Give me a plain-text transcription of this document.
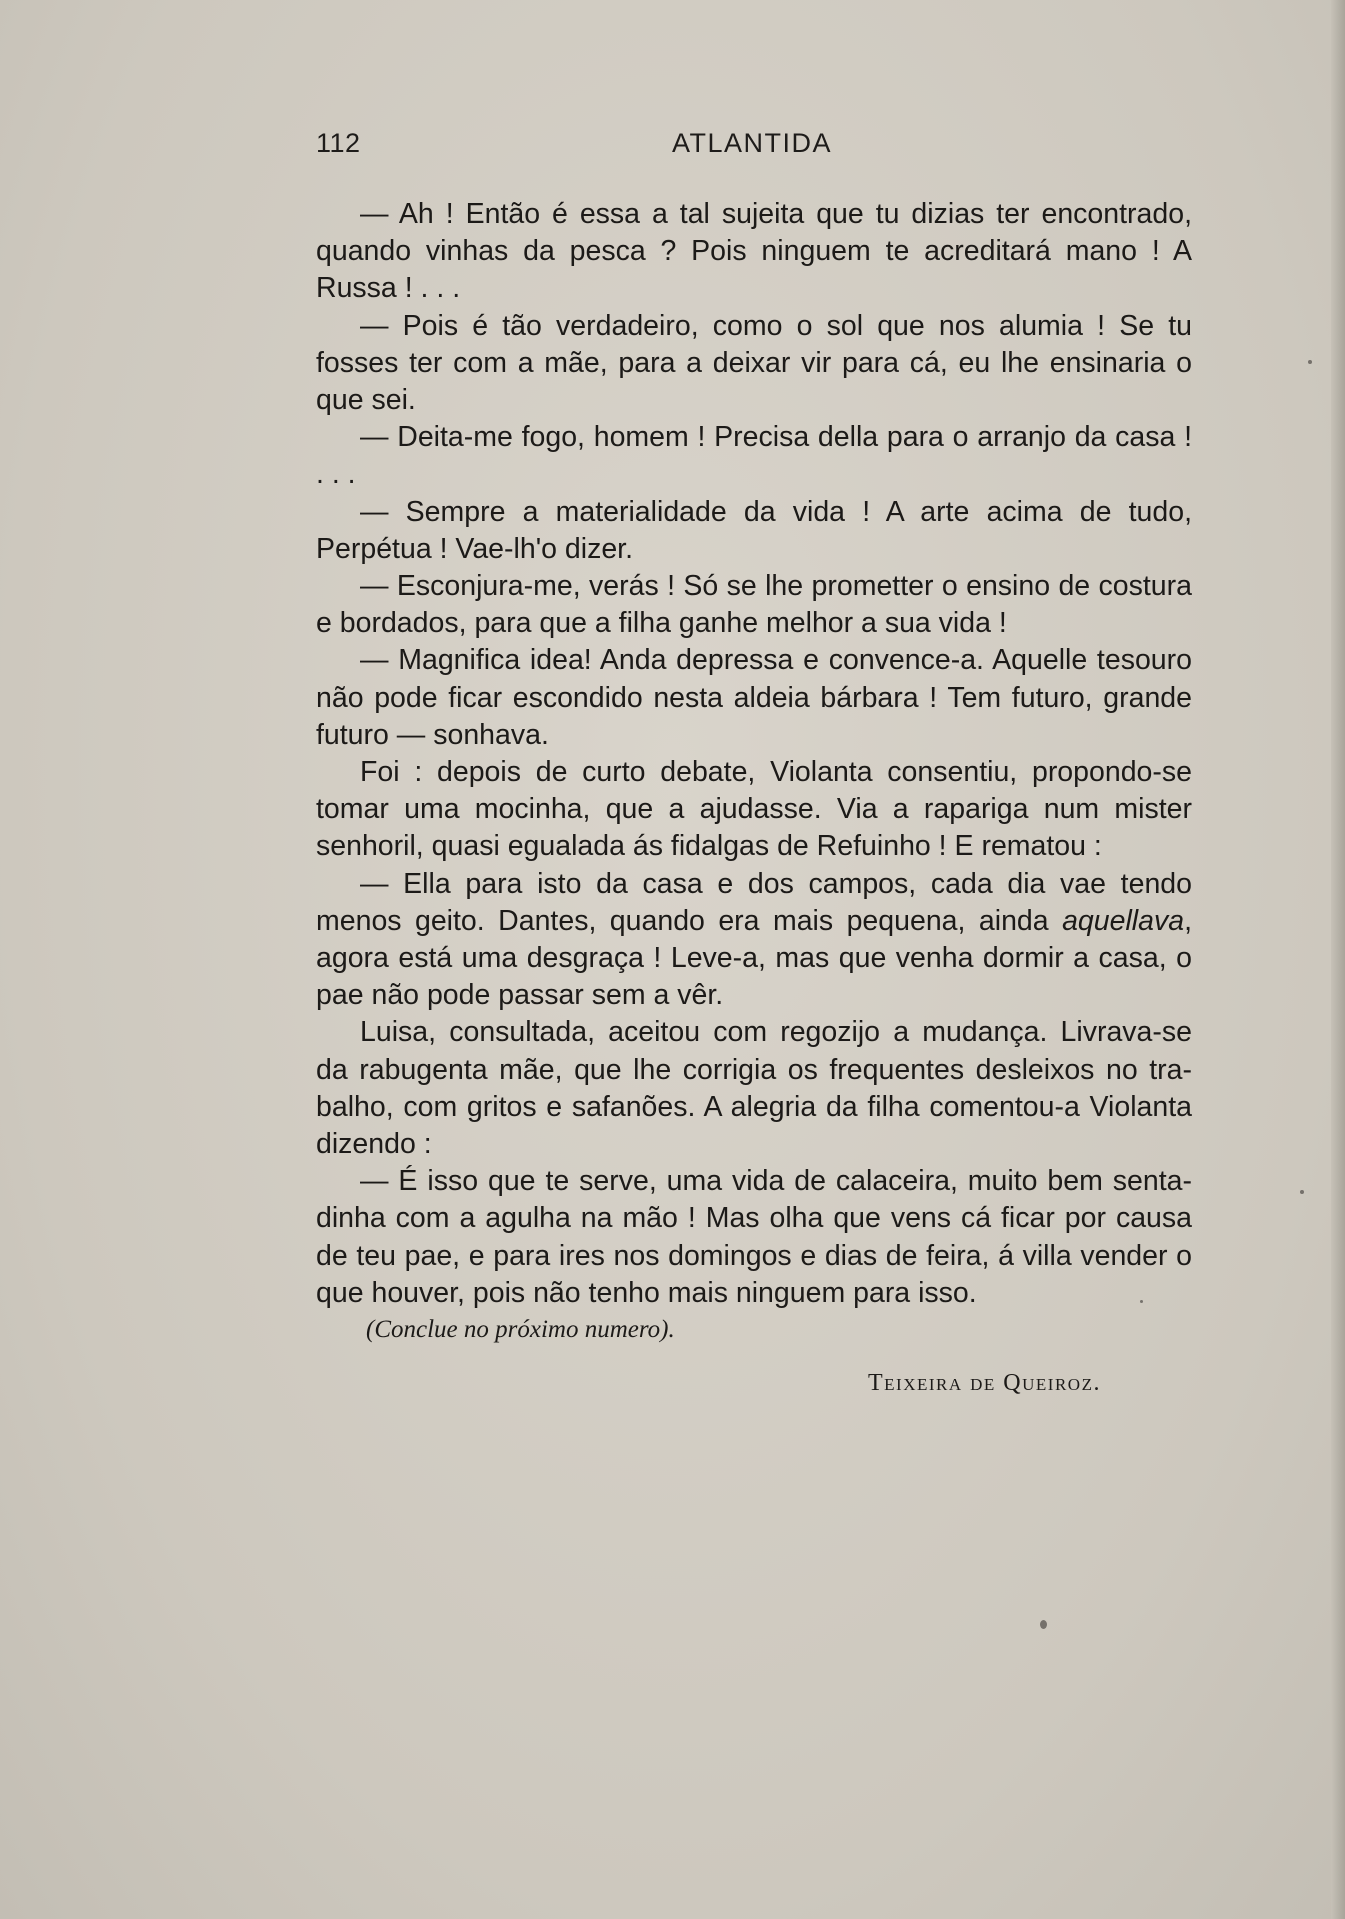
112	ATLANTIDA

— Ah ! Então é essa a tal sujeita que tu dizias ter encontrado, quando vinhas da pesca ? Pois ninguem te acreditará mano ! A Russa ! . . .

— Pois é tão verdadeiro, como o sol que nos alumia ! Se tu fosses ter com a mãe, para a deixar vir para cá, eu lhe ensinaria o que sei.

— Deita-me fogo, homem ! Precisa della para o arranjo da casa ! . . .

— Sempre a materialidade da vida ! A arte acima de tudo, Perpétua ! Vae-lh'o dizer.

— Esconjura-me, verás ! Só se lhe prometter o ensino de costura e bordados, para que a filha ganhe melhor a sua vida !

— Magnifica idea! Anda depressa e convence-a. Aquelle tesouro não pode ficar escondido nesta aldeia bárbara ! Tem futuro, grande futuro — sonhava.

Foi : depois de curto debate, Violanta consentiu, propondo-se tomar uma mocinha, que a ajudasse. Via a rapariga num mister senhoril, quasi egualada ás fidalgas de Refuinho ! E rematou :

— Ella para isto da casa e dos campos, cada dia vae tendo menos geito. Dantes, quando era mais pequena, ainda aquellava, agora está uma desgraça ! Leve-a, mas que venha dormir a casa, o pae não pode passar sem a vêr.

Luisa, consultada, aceitou com regozijo a mudança. Livrava-se da rabugenta mãe, que lhe corrigia os frequentes desleixos no trabalho, com gritos e safanões. A alegria da filha comentou-a Violanta dizendo :

— É isso que te serve, uma vida de calaceira, muito bem sentadinha com a agulha na mão ! Mas olha que vens cá ficar por causa de teu pae, e para ires nos domingos e dias de feira, á villa vender o que houver, pois não tenho mais ninguem para isso.

(Conclue no próximo numero).
Teixeira de Queiroz.
